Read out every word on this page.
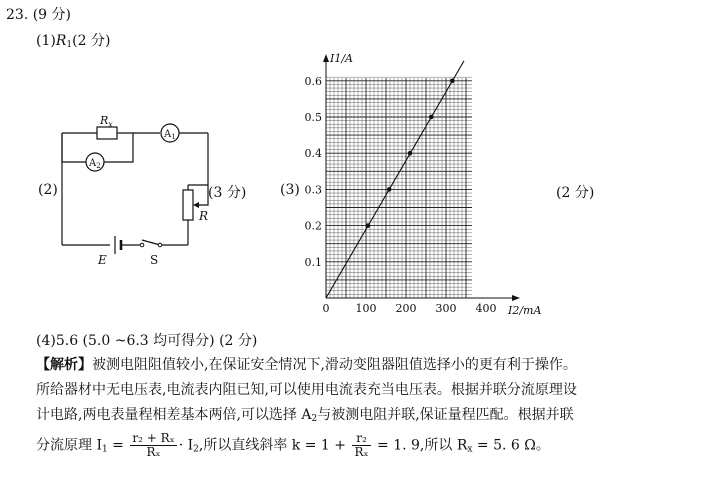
23. (9 分)
$(1)R_1(2$ 分)
(2)	(3 分) (3)	(2 分)
$R_x$
$A_1$
$A_2$
R
E	S
I1/A
I2/mA
0 100 200 300 400
0.1
0.2
0.3
0.4
0.5
0.6
(4)5.6 (5.0 ~6.3 均可得分) (2 分)
【解析】被测电阻阻值较小,在保证安全情况下,滑动变阻器阻值选择小的更有利于操作。
所给器材中无电压表,电流表内阻已知,可以使用电流表充当电压表。根据并联分流原理设
计电路,两电表量程相差基本两倍,可以选择 $A_2$与被测电阻并联,保证量程匹配。根据并联
分流原理 $I_1 = \frac{\text{r₂ + Rₓ}}{\text{Rₓ}} \cdot I_2$,所以直线斜率 $k = 1 + \frac{\text{r₂}}{\text{Rₓ}} = 1$. 9,所以 $R_x = 5$. 6 Ω。
